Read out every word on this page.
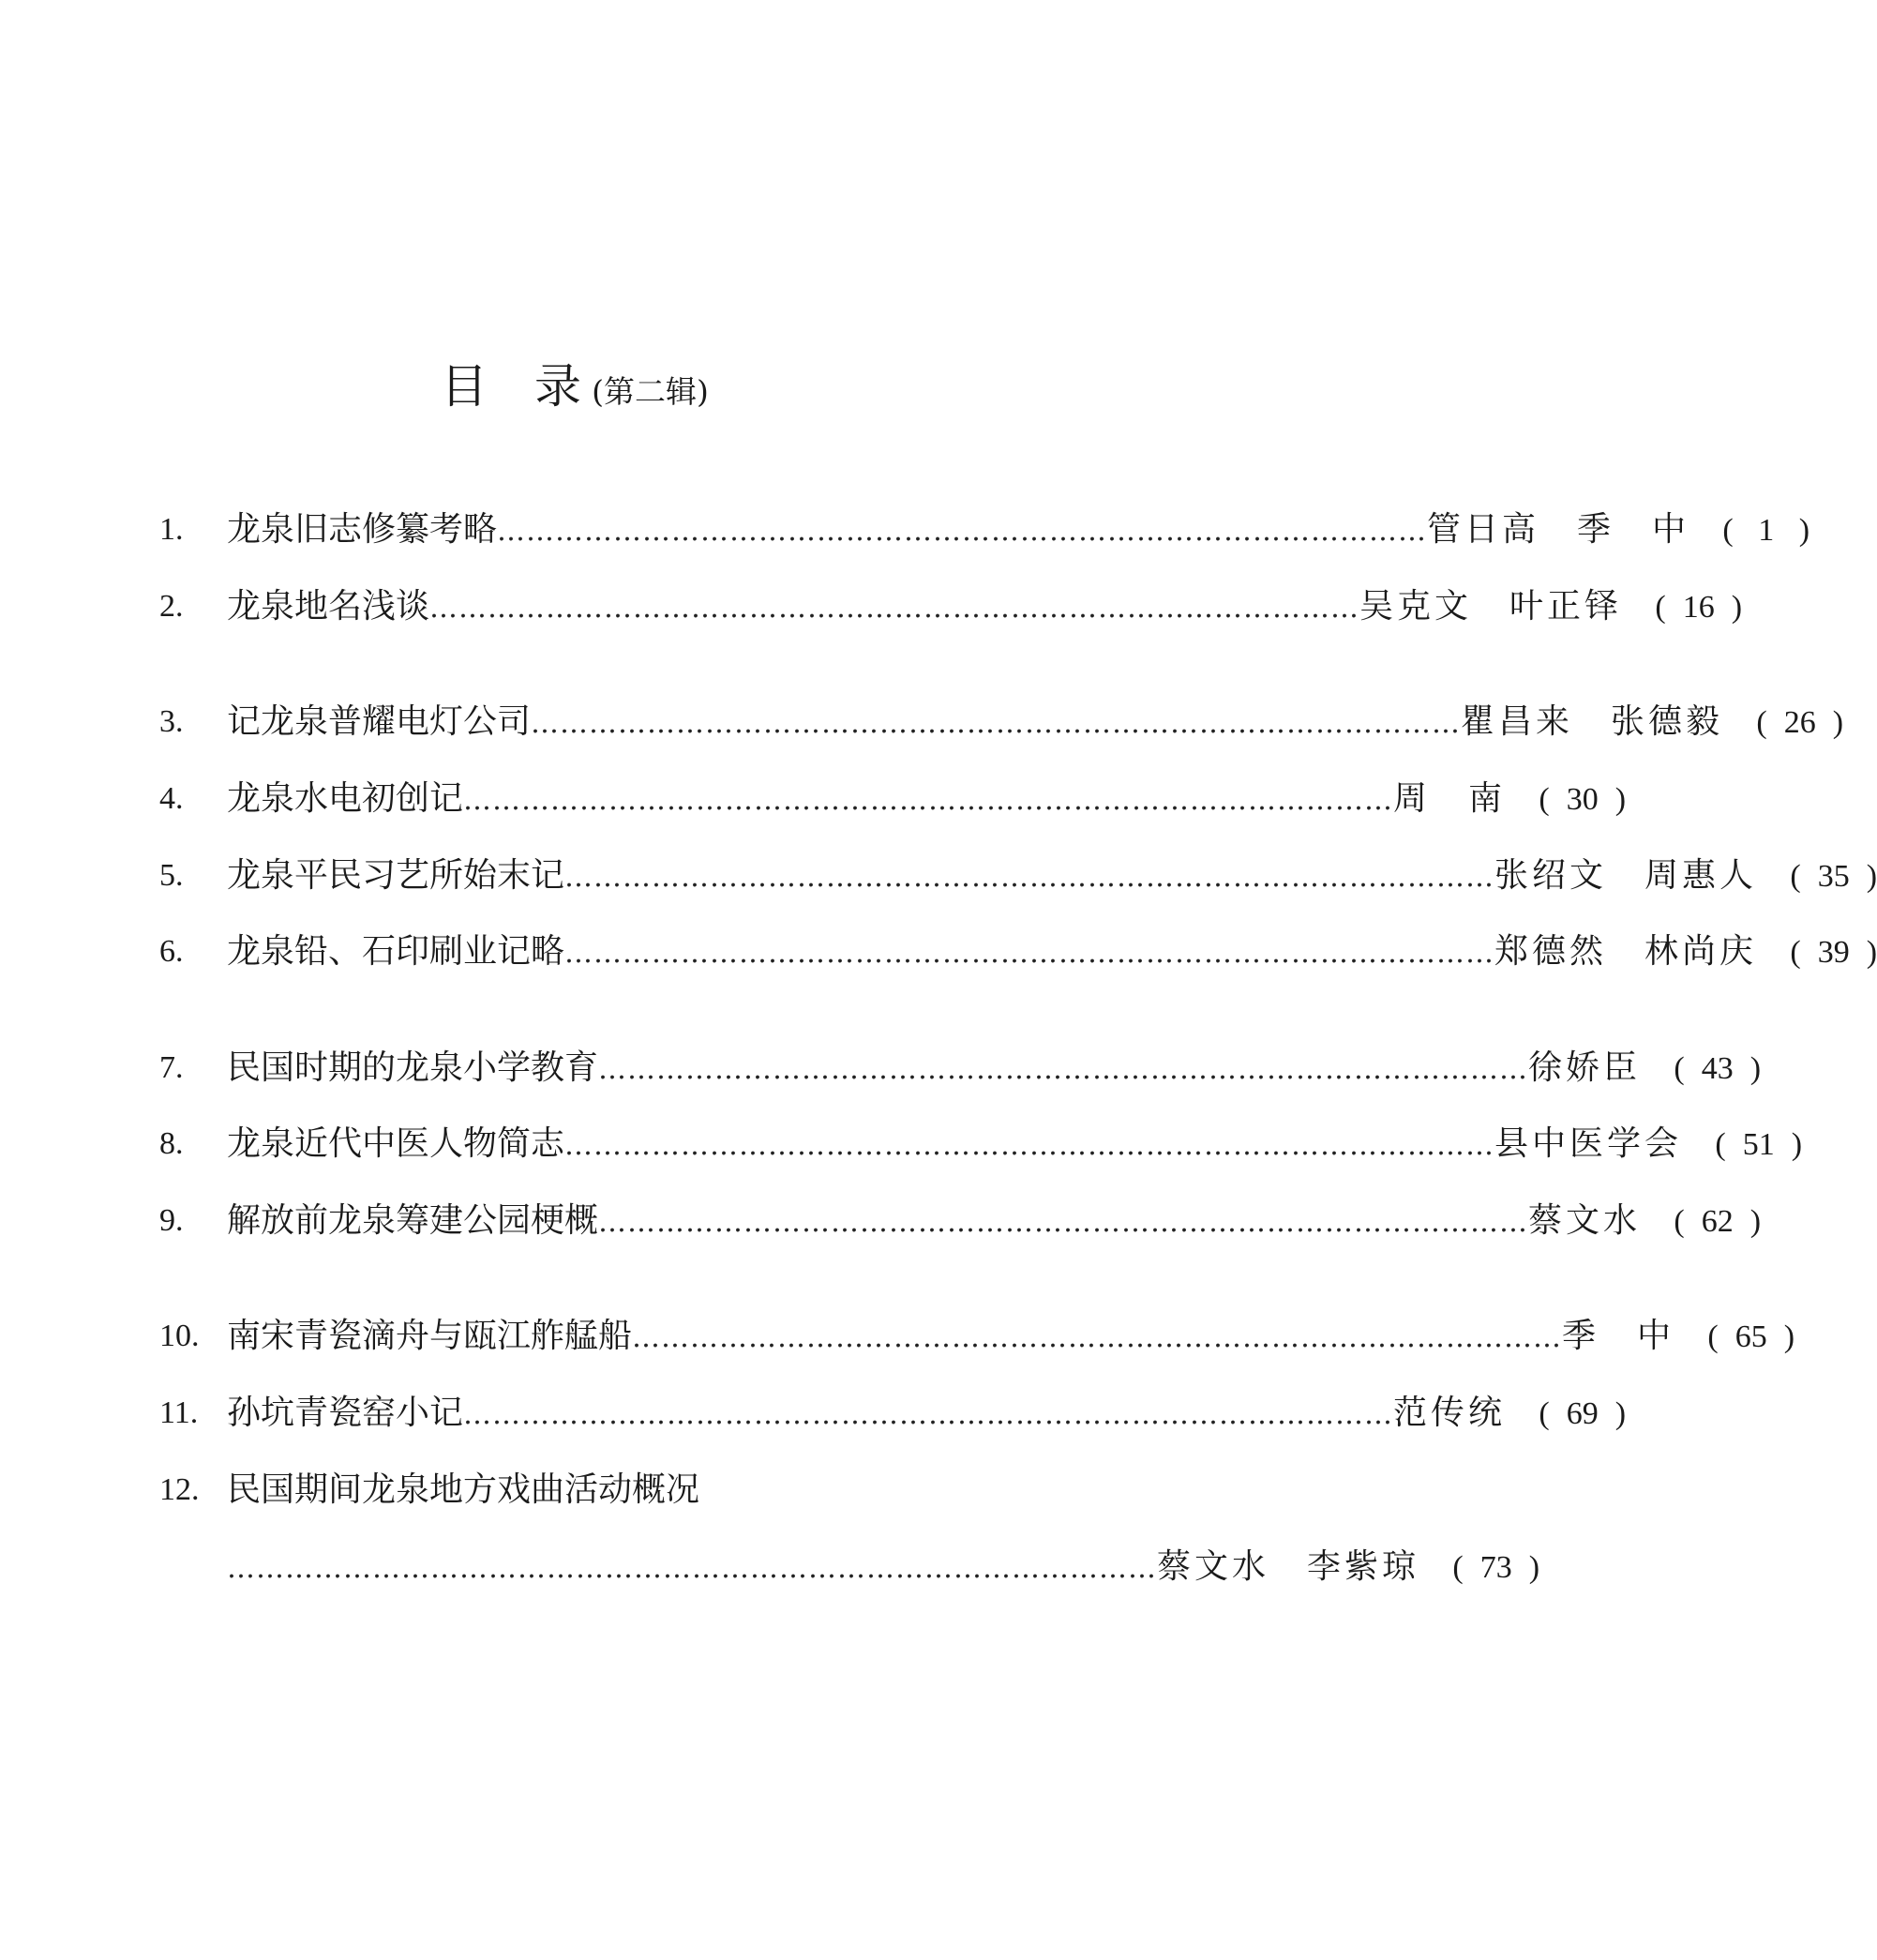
目　录 (第二辑)
1.	龙泉旧志修纂考略 …………………………………………………………………………………… 管日高　季　中	( 1 )
2.	龙泉地名浅谈 …………………………………………………………………………………… 吴克文　叶正铎	( 16 )
3.	记龙泉普耀电灯公司 …………………………………………………………………………………… 瞿昌来　张德毅	( 26 )
4.	龙泉水电初创记 …………………………………………………………………………………… 周　南	( 30 )
5.	龙泉平民习艺所始末记 …………………………………………………………………………………… 张绍文　周惠人	( 35 )
6.	龙泉铅、石印刷业记略 …………………………………………………………………………………… 郑德然　林尚庆	( 39 )
7.	民国时期的龙泉小学教育 …………………………………………………………………………………… 徐娇臣	( 43 )
8.	龙泉近代中医人物简志 …………………………………………………………………………………… 县中医学会	( 51 )
9.	解放前龙泉筹建公园梗概 …………………………………………………………………………………… 蔡文水	( 62 )
10. 南宋青瓷滴舟与瓯江舴艋船 …………………………………………………………………………………… 季　中	( 65 )
11. 孙坑青瓷窑小记 …………………………………………………………………………………… 范传统	( 69 )
12. 民国期间龙泉地方戏曲活动概况
…………………………………………………………………………………… 蔡文水　李紫琼	( 73 )
